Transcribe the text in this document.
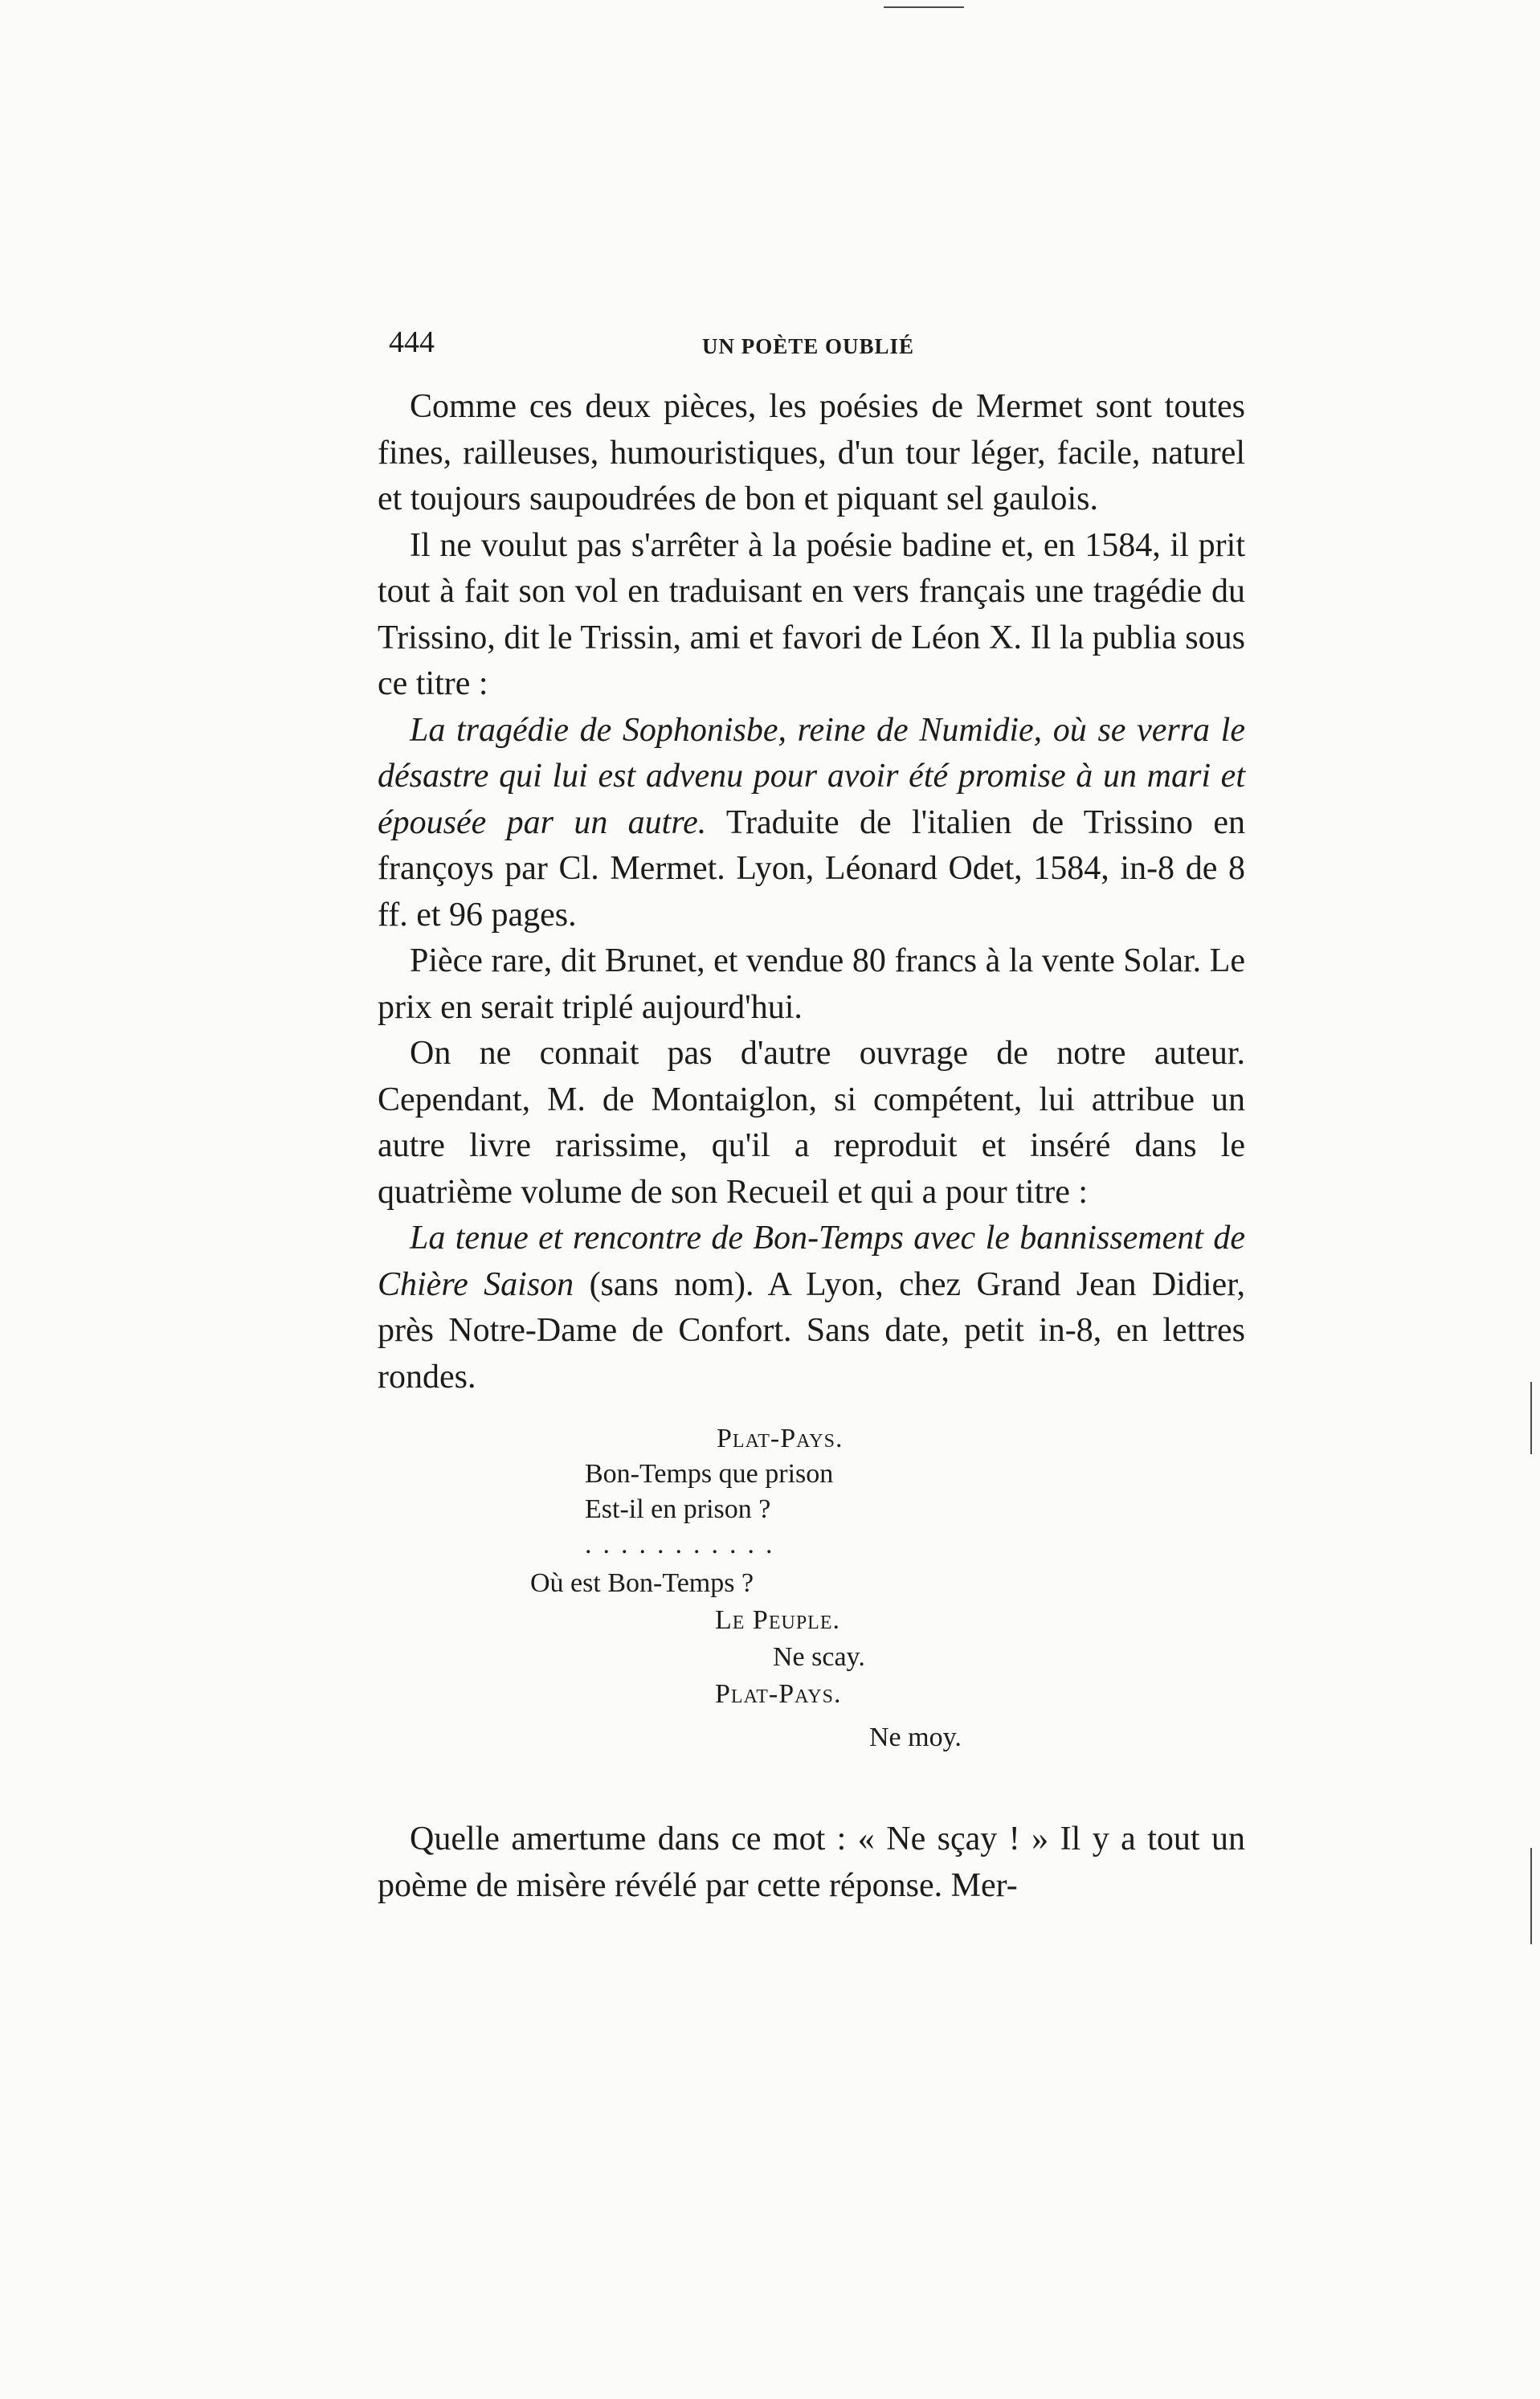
444	UN POÈTE OUBLIÉ

Comme ces deux pièces, les poésies de Mermet sont toutes fines, railleuses, humouristiques, d'un tour léger, facile, naturel et toujours saupoudrées de bon et piquant sel gaulois.

Il ne voulut pas s'arrêter à la poésie badine et, en 1584, il prit tout à fait son vol en traduisant en vers français une tragédie du Trissino, dit le Trissin, ami et favori de Léon X. Il la publia sous ce titre :

La tragédie de Sophonisbe, reine de Numidie, où se verra le désastre qui lui est advenu pour avoir été promise à un mari et épousée par un autre. Traduite de l'italien de Trissino en françoys par Cl. Mermet. Lyon, Léonard Odet, 1584, in-8 de 8 ff. et 96 pages.

Pièce rare, dit Brunet, et vendue 80 francs à la vente Solar. Le prix en serait triplé aujourd'hui.

On ne connait pas d'autre ouvrage de notre auteur. Cependant, M. de Montaiglon, si compétent, lui attribue un autre livre rarissime, qu'il a reproduit et inséré dans le quatrième volume de son Recueil et qui a pour titre :

La tenue et rencontre de Bon-Temps avec le bannissement de Chière Saison (sans nom). A Lyon, chez Grand Jean Didier, près Notre-Dame de Confort. Sans date, petit in-8, en lettres rondes.

Plat-Pays.
Bon-Temps que prison
Est-il en prison ?
...........
Où est Bon-Temps ?
Le Peuple.
Ne scay.
Plat-Pays.
Ne moy.

Quelle amertume dans ce mot : « Ne sçay ! » Il y a tout un poème de misère révélé par cette réponse. Mer-
